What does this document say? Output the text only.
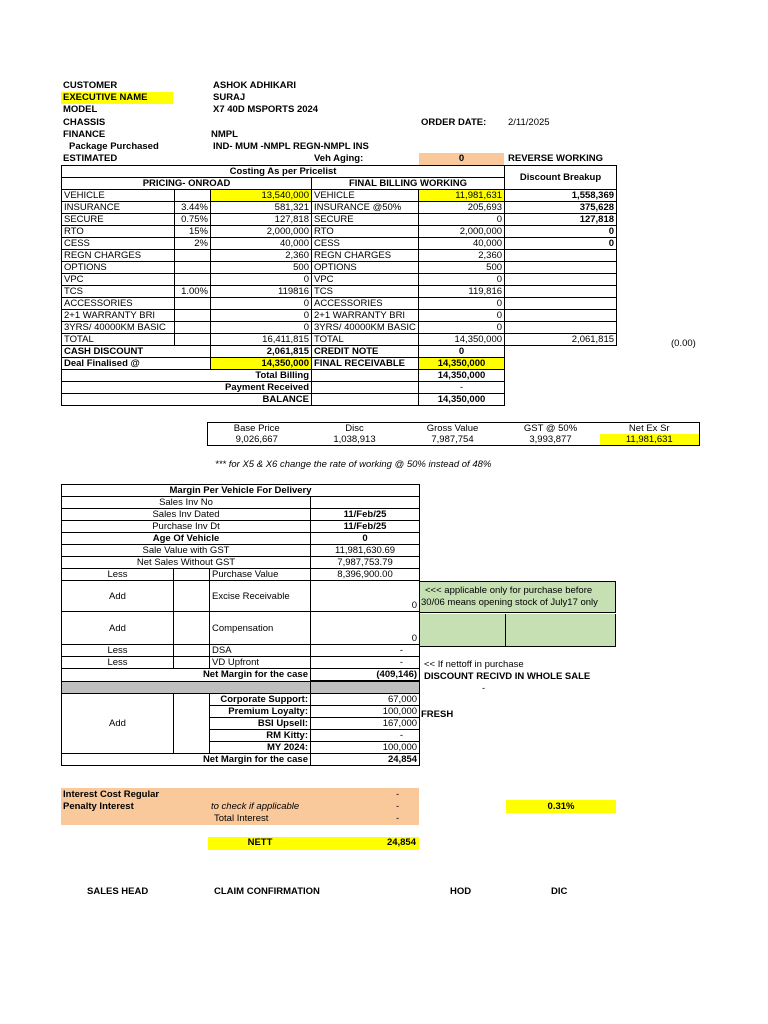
CUSTOMER	ASHOK ADHIKARI
EXECUTIVE NAME	SURAJ
MODEL	X7 40D MSPORTS 2024
CHASSIS	ORDER DATE: 2/11/2025
FINANCE	NMPL
Package Purchased	IND- MUM -NMPL REGN-NMPL INS
ESTIMATED	Veh Aging:	0	REVERSE WORKING
Costing As per Pricelist					Discount Breakup
PRICING- ONROAD			FINAL BILLING WORKING		
VEHICLE		13,540,000	VEHICLE	11,981,631	1,558,369
INSURANCE	3.44%	581,321	INSURANCE @50%	205,693	375,628
SECURE	0.75%	127,818	SECURE	0	127,818
RTO	15%	2,000,000	RTO	2,000,000	0
CESS	2%	40,000	CESS	40,000	0
REGN CHARGES		2,360	REGN CHARGES	2,360	
OPTIONS		500	OPTIONS	500	
VPC		0	VPC	0	
TCS	1.00%	119816	TCS	119,816	
ACCESSORIES		0	ACCESSORIES	0	
2+1 WARRANTY BRI		0	2+1 WARRANTY BRI	0	
3YRS/ 40000KM BASIC		0	3YRS/ 40000KM BASIC	0	
TOTAL		16,411,815	TOTAL	14,350,000	2,061,815
CASH DISCOUNT		2,061,815	CREDIT NOTE	0	
Deal Finalised @		14,350,000	FINAL RECEIVABLE	14,350,000	
Total Billing				14,350,000	
Payment Received				-	
BALANCE				14,350,000	
(0.00)
Base Price	Disc	Gross Value	GST @ 50%	Net Ex Sr
9,026,667	1,038,913	7,987,754	3,993,877	11,981,631
*** for X5 & X6 change the rate of working @ 50% instead of 48%
Margin Per Vehicle For Delivery			
Sales Inv No			
Sales Inv Dated			11/Feb/25
Purchase Inv Dt			11/Feb/25
Age Of Vehicle			0
Sale Value with GST			11,981,630.69
Net Sales Without GST			7,987,753.79
Less		Purchase Value	8,396,900.00
Add		Excise Receivable	0
Add		Compensation	0
Less		DSA	-
Less		VD Upfront	-
Net Margin for the case			(409,146)

Add		Corporate Support:	67,000
		Premium Loyalty:	100,000
		BSI Upsell:	167,000
		RM Kitty:	-
		MY 2024:	100,000
Net Margin for the case			24,854
<<< applicable only for purchase before
30/06 means opening stock of July17 only
<< If nettoff in purchase
DISCOUNT RECIVD IN WHOLE SALE
-
FRESH
Interest Cost Regular	-
Penalty Interest	to check if applicable	-
Total Interest	-
0.31%
NETT	24,854
SALES HEAD	CLAIM CONFIRMATION	HOD	DIC
